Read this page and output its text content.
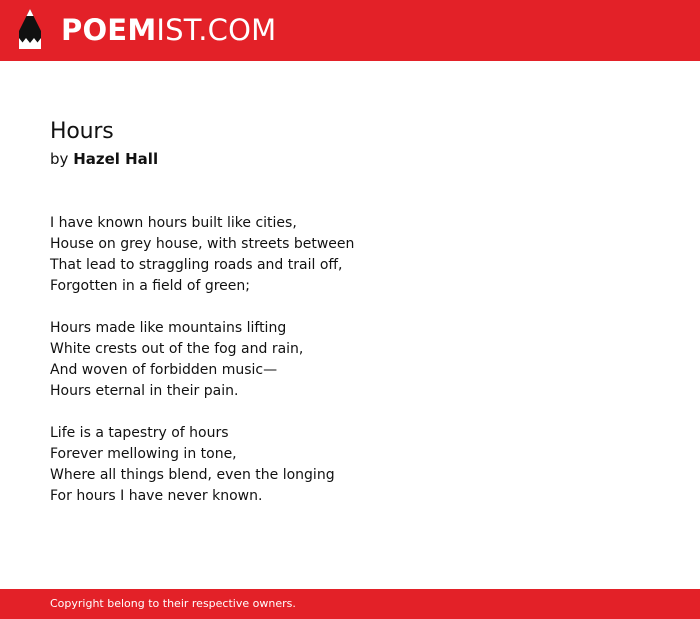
POEM IST.COM
Hours

by Hazel Hall

I have known hours built like cities,
House on grey house, with streets between
That lead to straggling roads and trail off,
Forgotten in a field of green;
Hours made like mountains lifting
White crests out of the fog and rain,
And woven of forbidden music—
Hours eternal in their pain.
Life is a tapestry of hours
Forever mellowing in tone,
Where all things blend, even the longing
For hours I have never known.
Copyright belong to their respective owners.
